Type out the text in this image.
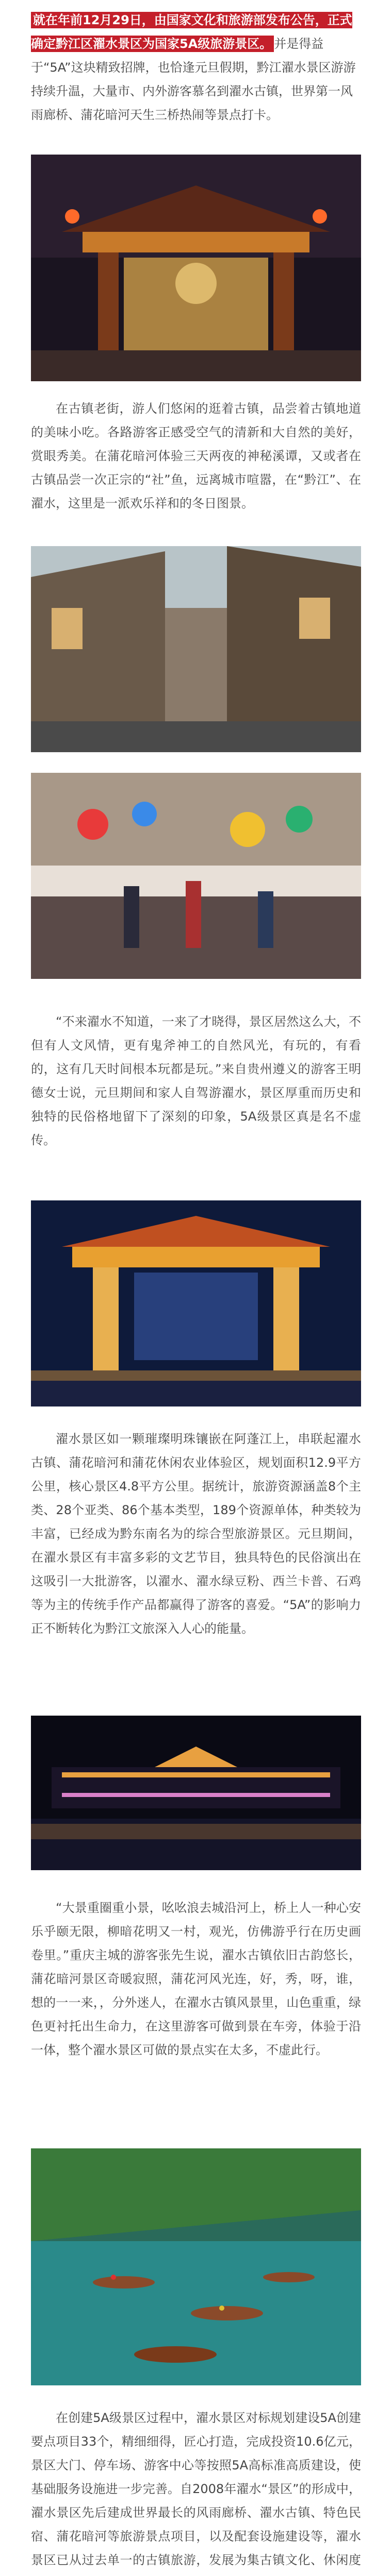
就在年前12月29日，由国家文化和旅游部发布公告，正式确定黔江区濯水景区为国家5A级旅游景区。 并是得益于“5A”这块精致招牌，也恰逢元旦假期，黔江濯水景区游游持续升温，大量市、内外游客慕名到濯水古镇，世界第一风雨廊桥、蒲花暗河天生三桥热闹等景点打卡。

在古镇老街，游人们悠闲的逛着古镇，品尝着古镇地道的美味小吃。各路游客正感受空气的清新和大自然的美好，赏眼秀美。在蒲花暗河体验三天两夜的神秘溪谭，又或者在古镇品尝一次正宗的“社”鱼，远离城市喧嚣，在“黔江”、在濯水，这里是一派欢乐祥和的冬日图景。

“不来濯水不知道，一来了才晓得，景区居然这么大，不但有人文风情，更有鬼斧神工的自然风光，有玩的，有看的，这有几天时间根本玩都是玩。”来自贵州遵义的游客王明德女士说，元旦期间和家人自驾游濯水，景区厚重而历史和独特的民俗格地留下了深刻的印象，5A级景区真是名不虚传。

濯水景区如一颗璀璨明珠镶嵌在阿蓬江上，串联起濯水古镇、蒲花暗河和蒲花休闲农业体验区，规划面积12.9平方公里，核心景区4.8平方公里。据统计，旅游资源涵盖8个主类、28个亚类、86个基本类型，189个资源单体，种类较为丰富，已经成为黔东南名为的综合型旅游景区。元旦期间，在濯水景区有丰富多彩的文艺节目，独具特色的民俗演出在这吸引一大批游客，以濯水、濯水绿豆粉、西兰卡普、石鸡等为主的传统手作产品都赢得了游客的喜爱。“5A”的影响力正不断转化为黔江文旅深入人心的能量。

“大景重圈重小景，吆吆浪去城沿河上，桥上人一种心安乐乎颐无限，柳暗花明又一村，观光，仿佛游乎行在历史画卷里。”重庆主城的游客张先生说，濯水古镇依旧古韵悠长，蒲花暗河景区奇暖寂照，蒲花河风光连，好，秀，呀，谁，想的一一来，，分外迷人，在濯水古镇风景里，山色重重，绿色更衬托出生命力，在这里游客可做到景在车旁，体验于沿一体，整个濯水景区可做的景点实在太多，不虚此行。

在创建5A级景区过程中，濯水景区对标规划建设5A创建要点项目33个，精细细得，匠心打造，完成投资10.6亿元，景区大门、停车场、游客中心等按照5A高标准高质建设，使基础服务设施进一步完善。自2008年濯水“景区”的形成中，濯水景区先后建成世界最长的风雨廊桥、濯水古镇、特色民宿、蒲花暗河等旅游景点项目，以及配套设施建设等，濯水景区已从过去单一的古镇旅游，发展为集古镇文化、休闲度
